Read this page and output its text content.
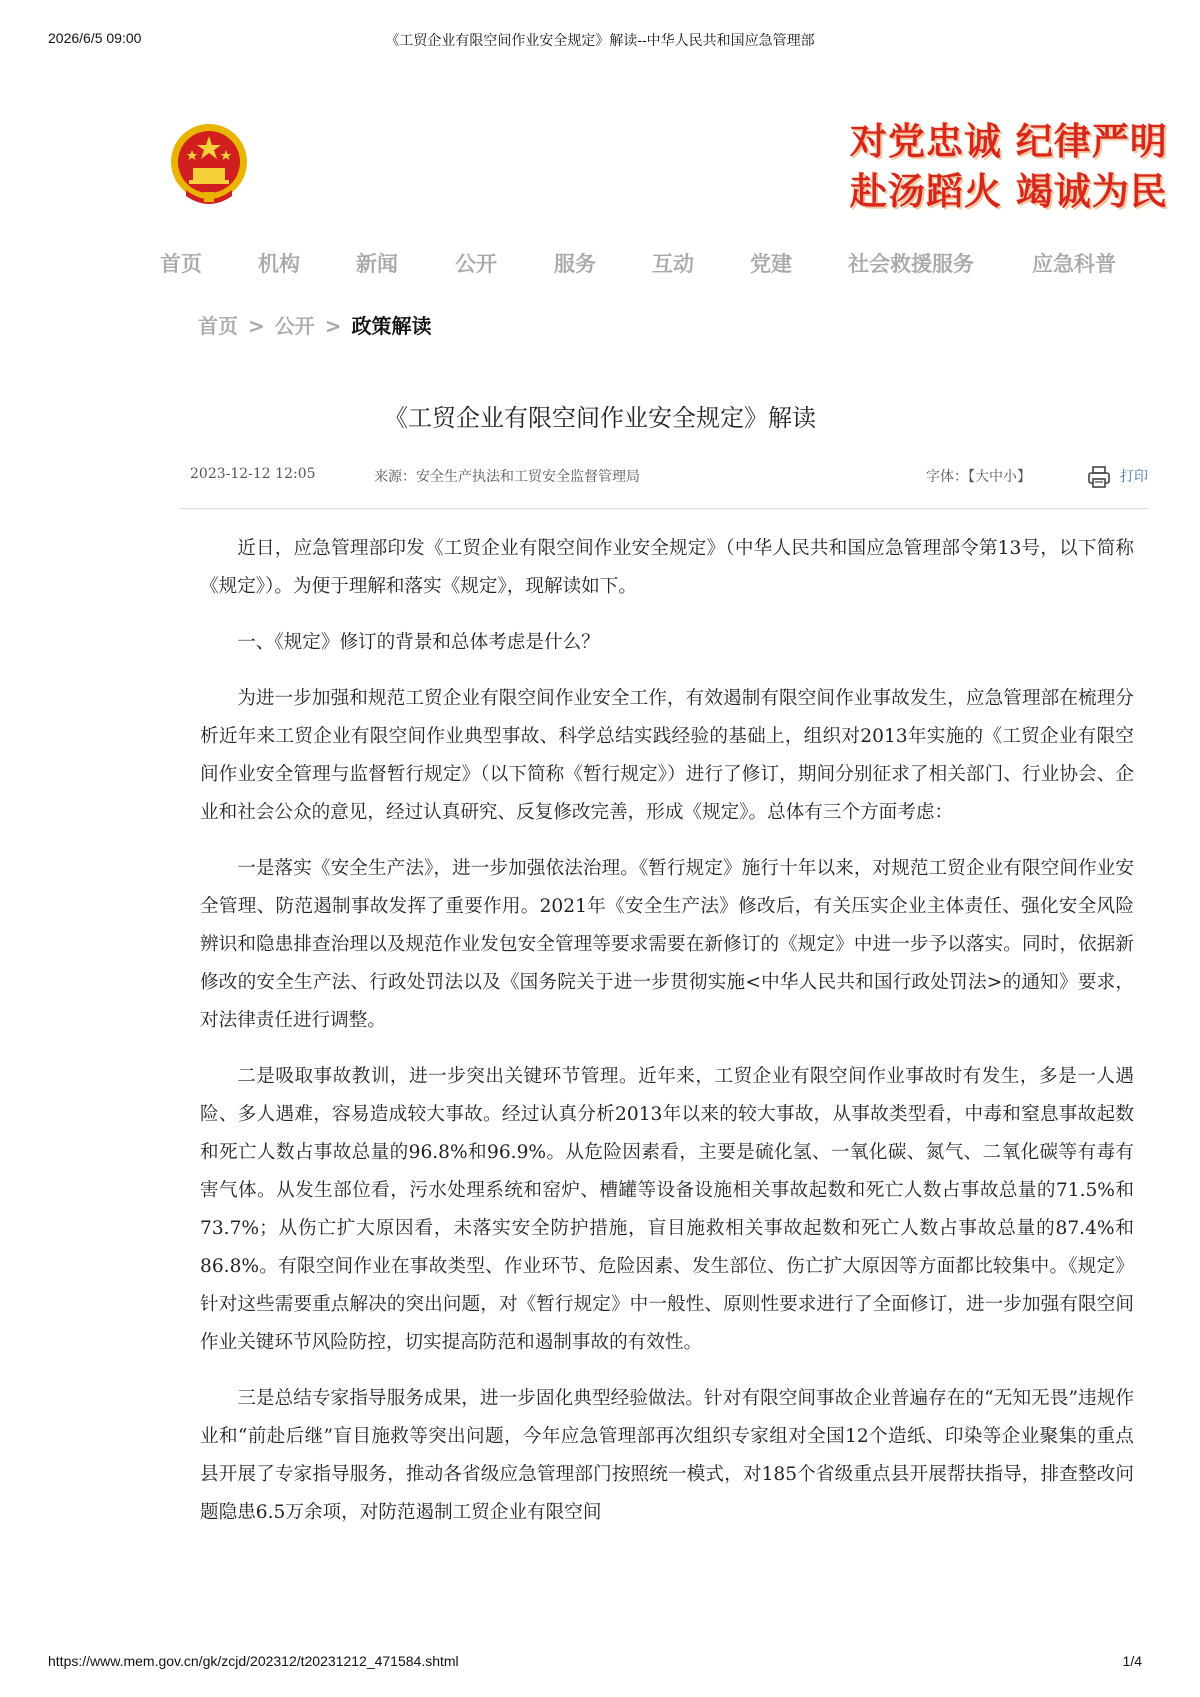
2026/6/5 09:00	《工贸企业有限空间作业安全规定》解读--中华人民共和国应急管理部
对党忠诚 纪律严明
赴汤蹈火 竭诚为民
首页	机构	新闻	公开	服务	互动	党建	社会救援服务	应急科普
首页 > 公开 > 政策解读
《工贸企业有限空间作业安全规定》解读
2023-12-12 12:05	来源：安全生产执法和工贸安全监督管理局	字体：【大中小】	打印

近日，应急管理部印发《工贸企业有限空间作业安全规定》（中华人民共和国应急管理部令第13号，以下简称《规定》）。为便于理解和落实《规定》，现解读如下。

一、《规定》修订的背景和总体考虑是什么？

为进一步加强和规范工贸企业有限空间作业安全工作，有效遏制有限空间作业事故发生，应急管理部在梳理分析近年来工贸企业有限空间作业典型事故、科学总结实践经验的基础上，组织对2013年实施的《工贸企业有限空间作业安全管理与监督暂行规定》（以下简称《暂行规定》）进行了修订，期间分别征求了相关部门、行业协会、企业和社会公众的意见，经过认真研究、反复修改完善，形成《规定》。总体有三个方面考虑：

一是落实《安全生产法》，进一步加强依法治理。《暂行规定》施行十年以来，对规范工贸企业有限空间作业安全管理、防范遏制事故发挥了重要作用。2021年《安全生产法》修改后，有关压实企业主体责任、强化安全风险辨识和隐患排查治理以及规范作业发包安全管理等要求需要在新修订的《规定》中进一步予以落实。同时，依据新修改的安全生产法、行政处罚法以及《国务院关于进一步贯彻实施<中华人民共和国行政处罚法>的通知》要求，对法律责任进行调整。

二是吸取事故教训，进一步突出关键环节管理。近年来，工贸企业有限空间作业事故时有发生，多是一人遇险、多人遇难，容易造成较大事故。经过认真分析2013年以来的较大事故，从事故类型看，中毒和窒息事故起数和死亡人数占事故总量的96.8%和96.9%。从危险因素看，主要是硫化氢、一氧化碳、氮气、二氧化碳等有毒有害气体。从发生部位看，污水处理系统和窑炉、槽罐等设备设施相关事故起数和死亡人数占事故总量的71.5%和73.7%；从伤亡扩大原因看，未落实安全防护措施，盲目施救相关事故起数和死亡人数占事故总量的87.4%和86.8%。有限空间作业在事故类型、作业环节、危险因素、发生部位、伤亡扩大原因等方面都比较集中。《规定》针对这些需要重点解决的突出问题，对《暂行规定》中一般性、原则性要求进行了全面修订，进一步加强有限空间作业关键环节风险防控，切实提高防范和遏制事故的有效性。

三是总结专家指导服务成果，进一步固化典型经验做法。针对有限空间事故企业普遍存在的“无知无畏”违规作业和“前赴后继”盲目施救等突出问题，今年应急管理部再次组织专家组对全国12个造纸、印染等企业聚集的重点县开展了专家指导服务，推动各省级应急管理部门按照统一模式，对185个省级重点县开展帮扶指导，排查整改问题隐患6.5万余项，对防范遏制工贸企业有限空间

https://www.mem.gov.cn/gk/zcjd/202312/t20231212_471584.shtml	1/4
